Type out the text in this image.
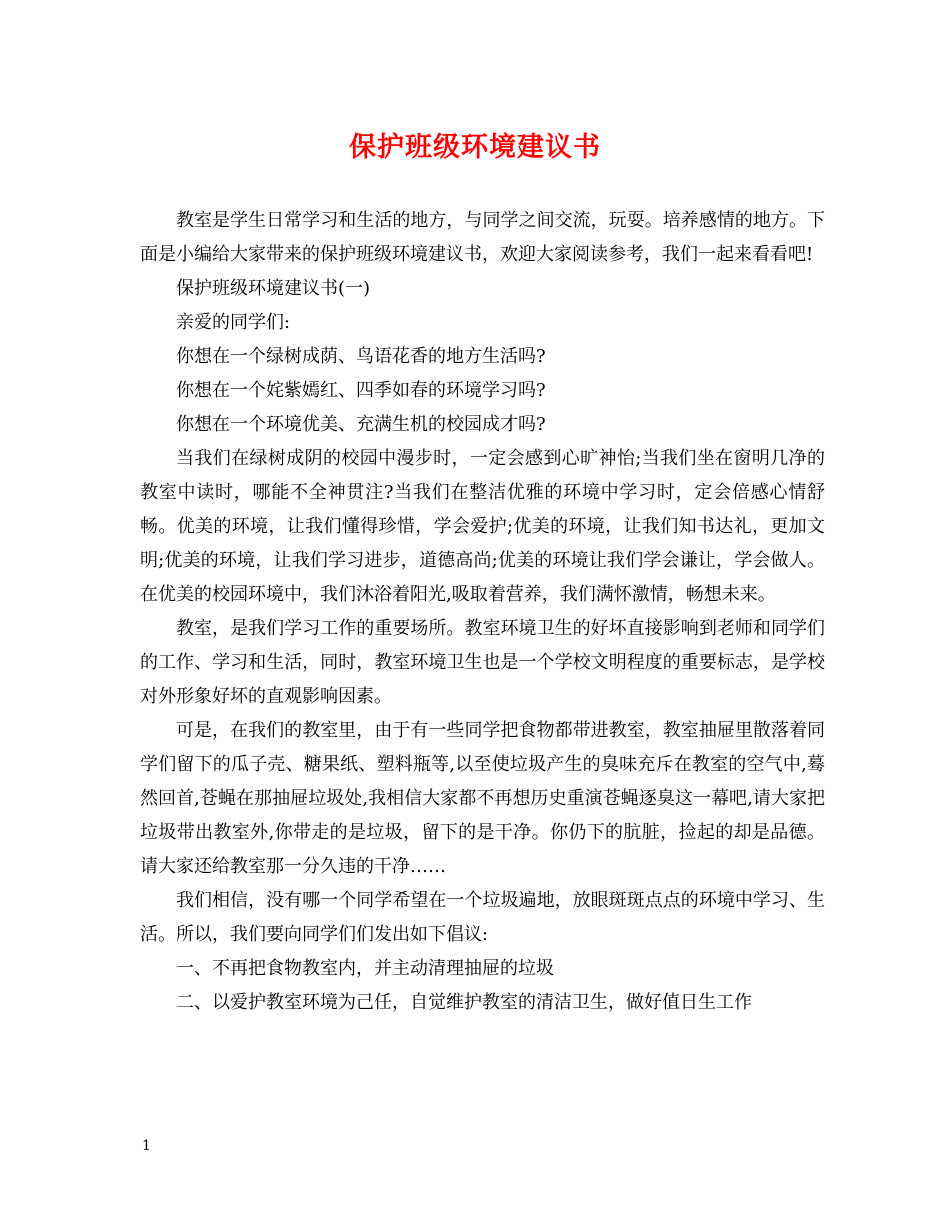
保护班级环境建议书

教室是学生日常学习和生活的地方，与同学之间交流，玩耍。培养感情的地方。下面是小编给大家带来的保护班级环境建议书，欢迎大家阅读参考，我们一起来看看吧!

保护班级环境建议书(一)

亲爱的同学们:

你想在一个绿树成荫、鸟语花香的地方生活吗?

你想在一个姹紫嫣红、四季如春的环境学习吗?

你想在一个环境优美、充满生机的校园成才吗?

当我们在绿树成阴的校园中漫步时，一定会感到心旷神怡;当我们坐在窗明几净的教室中读时，哪能不全神贯注?当我们在整洁优雅的环境中学习时，定会倍感心情舒畅。优美的环境，让我们懂得珍惜，学会爱护;优美的环境，让我们知书达礼，更加文明;优美的环境，让我们学习进步，道德高尚;优美的环境让我们学会谦让，学会做人。在优美的校园环境中，我们沐浴着阳光,吸取着营养，我们满怀激情，畅想未来。

教室，是我们学习工作的重要场所。教室环境卫生的好坏直接影响到老师和同学们的工作、学习和生活，同时，教室环境卫生也是一个学校文明程度的重要标志，是学校对外形象好坏的直观影响因素。

可是，在我们的教室里，由于有一些同学把食物都带进教室，教室抽屉里散落着同学们留下的瓜子壳、糖果纸、塑料瓶等,以至使垃圾产生的臭味充斥在教室的空气中,蓦然回首,苍蝇在那抽屉垃圾处,我相信大家都不再想历史重演苍蝇逐臭这一幕吧,请大家把垃圾带出教室外,你带走的是垃圾，留下的是干净。你仍下的肮脏，捡起的却是品德。请大家还给教室那一分久违的干净……

我们相信，没有哪一个同学希望在一个垃圾遍地，放眼斑斑点点的环境中学习、生活。所以，我们要向同学们们发出如下倡议:

一、不再把食物教室内，并主动清理抽屉的垃圾

二、以爱护教室环境为己任，自觉维护教室的清洁卫生，做好值日生工作

1
